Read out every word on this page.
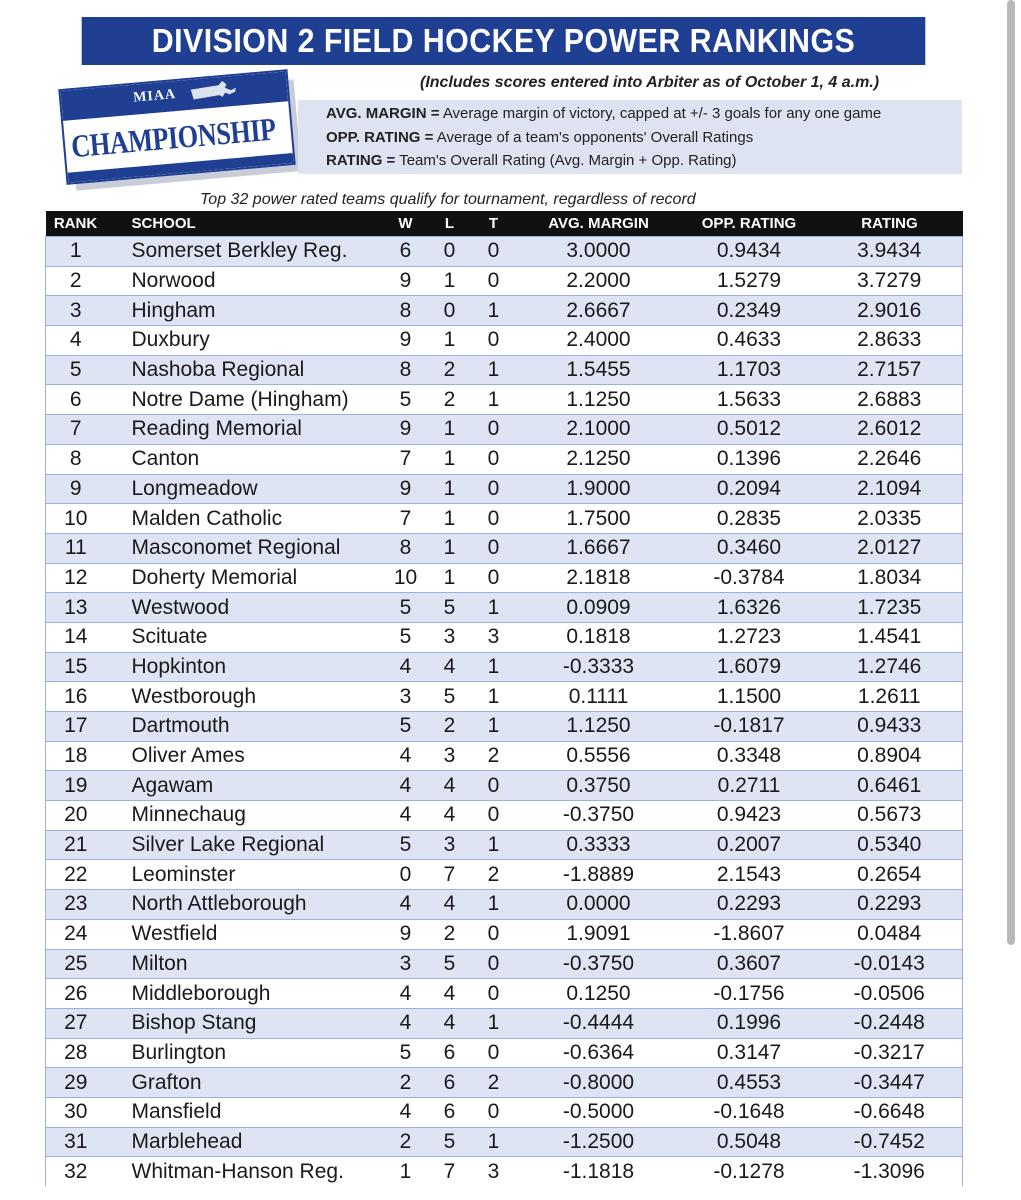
DIVISION 2 FIELD HOCKEY POWER RANKINGS
(Includes scores entered into Arbiter as of October 1, 4 a.m.)
MIAA
CHAMPIONSHIP	AVG. MARGIN = Average margin of victory, capped at +/- 3 goals for any one game
OPP. RATING = Average of a team's opponents' Overall Ratings
RATING = Team's Overall Rating (Avg. Margin + Opp. Rating)
Top 32 power rated teams qualify for tournament, regardless of record
RANK	SCHOOL	W	L	T	AVG. MARGIN	OPP. RATING	RATING
1	Somerset Berkley Reg.	6	0	0	3.0000	0.9434	3.9434
2	Norwood	9	1	0	2.2000	1.5279	3.7279
3	Hingham	8	0	1	2.6667	0.2349	2.9016
4	Duxbury	9	1	0	2.4000	0.4633	2.8633
5	Nashoba Regional	8	2	1	1.5455	1.1703	2.7157
6	Notre Dame (Hingham)	5	2	1	1.1250	1.5633	2.6883
7	Reading Memorial	9	1	0	2.1000	0.5012	2.6012
8	Canton	7	1	0	2.1250	0.1396	2.2646
9	Longmeadow	9	1	0	1.9000	0.2094	2.1094
10	Malden Catholic	7	1	0	1.7500	0.2835	2.0335
11	Masconomet Regional	8	1	0	1.6667	0.3460	2.0127
12	Doherty Memorial	10	1	0	2.1818	-0.3784	1.8034
13	Westwood	5	5	1	0.0909	1.6326	1.7235
14	Scituate	5	3	3	0.1818	1.2723	1.4541
15	Hopkinton	4	4	1	-0.3333	1.6079	1.2746
16	Westborough	3	5	1	0.1111	1.1500	1.2611
17	Dartmouth	5	2	1	1.1250	-0.1817	0.9433
18	Oliver Ames	4	3	2	0.5556	0.3348	0.8904
19	Agawam	4	4	0	0.3750	0.2711	0.6461
20	Minnechaug	4	4	0	-0.3750	0.9423	0.5673
21	Silver Lake Regional	5	3	1	0.3333	0.2007	0.5340
22	Leominster	0	7	2	-1.8889	2.1543	0.2654
23	North Attleborough	4	4	1	0.0000	0.2293	0.2293
24	Westfield	9	2	0	1.9091	-1.8607	0.0484
25	Milton	3	5	0	-0.3750	0.3607	-0.0143
26	Middleborough	4	4	0	0.1250	-0.1756	-0.0506
27	Bishop Stang	4	4	1	-0.4444	0.1996	-0.2448
28	Burlington	5	6	0	-0.6364	0.3147	-0.3217
29	Grafton	2	6	2	-0.8000	0.4553	-0.3447
30	Mansfield	4	6	0	-0.5000	-0.1648	-0.6648
31	Marblehead	2	5	1	-1.2500	0.5048	-0.7452
32	Whitman-Hanson Reg.	1	7	3	-1.1818	-0.1278	-1.3096
